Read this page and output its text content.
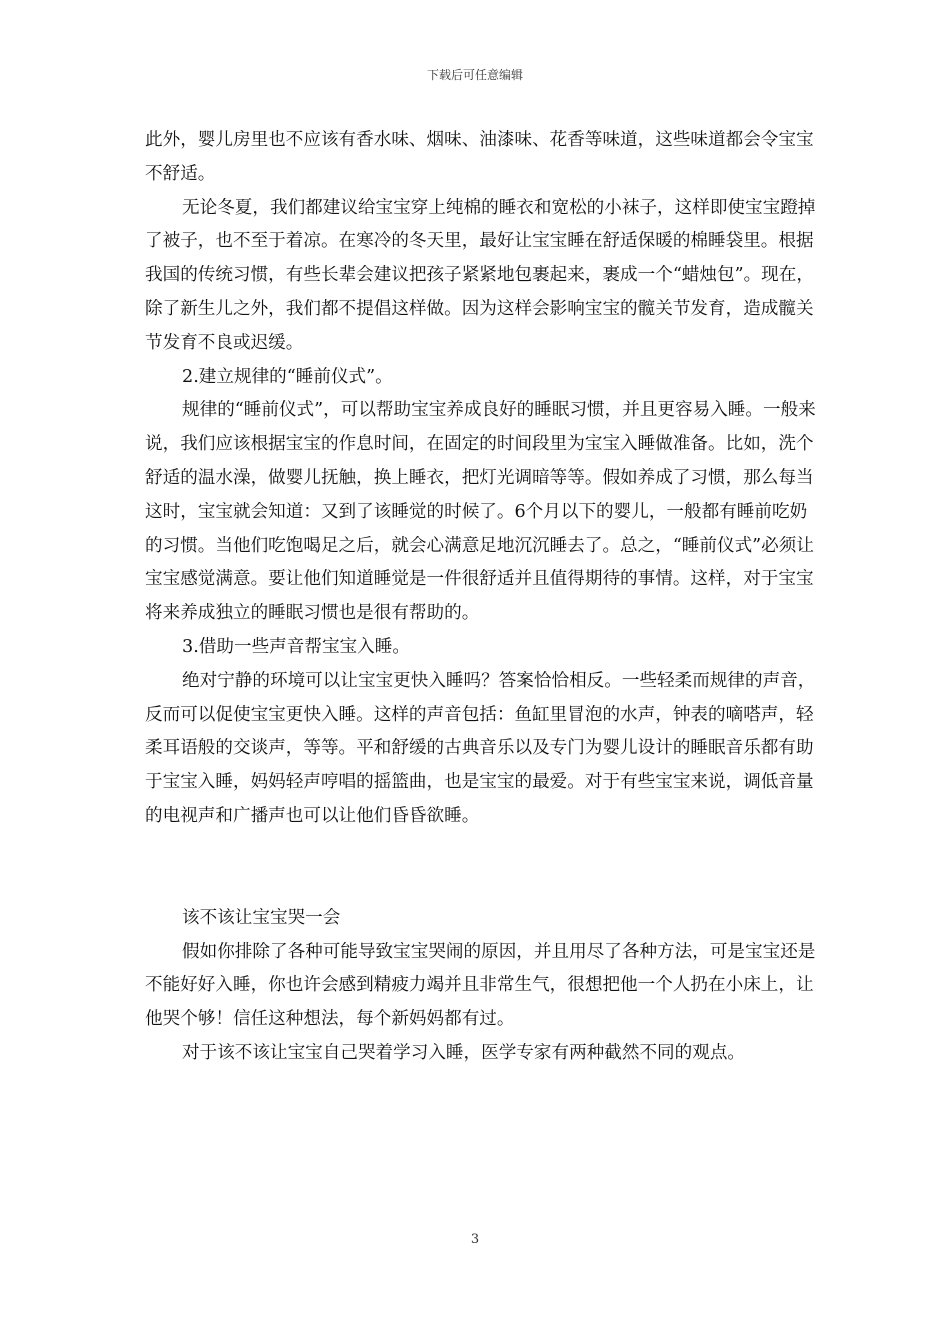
下载后可任意编辑

此外，婴儿房里也不应该有香水味、烟味、油漆味、花香等味道，这些味道都会令宝宝不舒适。

无论冬夏，我们都建议给宝宝穿上纯棉的睡衣和宽松的小袜子，这样即使宝宝蹬掉了被子，也不至于着凉。在寒冷的冬天里，最好让宝宝睡在舒适保暖的棉睡袋里。根据我国的传统习惯，有些长辈会建议把孩子紧紧地包裹起来，裹成一个“蜡烛包”。现在，除了新生儿之外，我们都不提倡这样做。因为这样会影响宝宝的髋关节发育，造成髋关节发育不良或迟缓。

2.建立规律的“睡前仪式”。

规律的“睡前仪式”，可以帮助宝宝养成良好的睡眠习惯，并且更容易入睡。一般来说，我们应该根据宝宝的作息时间，在固定的时间段里为宝宝入睡做准备。比如，洗个舒适的温水澡，做婴儿抚触，换上睡衣，把灯光调暗等等。假如养成了习惯，那么每当这时，宝宝就会知道：又到了该睡觉的时候了。6个月以下的婴儿，一般都有睡前吃奶的习惯。当他们吃饱喝足之后，就会心满意足地沉沉睡去了。总之，“睡前仪式”必须让宝宝感觉满意。要让他们知道睡觉是一件很舒适并且值得期待的事情。这样，对于宝宝将来养成独立的睡眠习惯也是很有帮助的。

3.借助一些声音帮宝宝入睡。

绝对宁静的环境可以让宝宝更快入睡吗？答案恰恰相反。一些轻柔而规律的声音，反而可以促使宝宝更快入睡。这样的声音包括：鱼缸里冒泡的水声，钟表的嘀嗒声，轻柔耳语般的交谈声，等等。平和舒缓的古典音乐以及专门为婴儿设计的睡眠音乐都有助于宝宝入睡，妈妈轻声哼唱的摇篮曲，也是宝宝的最爱。对于有些宝宝来说，调低音量的电视声和广播声也可以让他们昏昏欲睡。

该不该让宝宝哭一会

假如你排除了各种可能导致宝宝哭闹的原因，并且用尽了各种方法，可是宝宝还是不能好好入睡，你也许会感到精疲力竭并且非常生气，很想把他一个人扔在小床上，让他哭个够！信任这种想法，每个新妈妈都有过。

对于该不该让宝宝自己哭着学习入睡，医学专家有两种截然不同的观点。

3
